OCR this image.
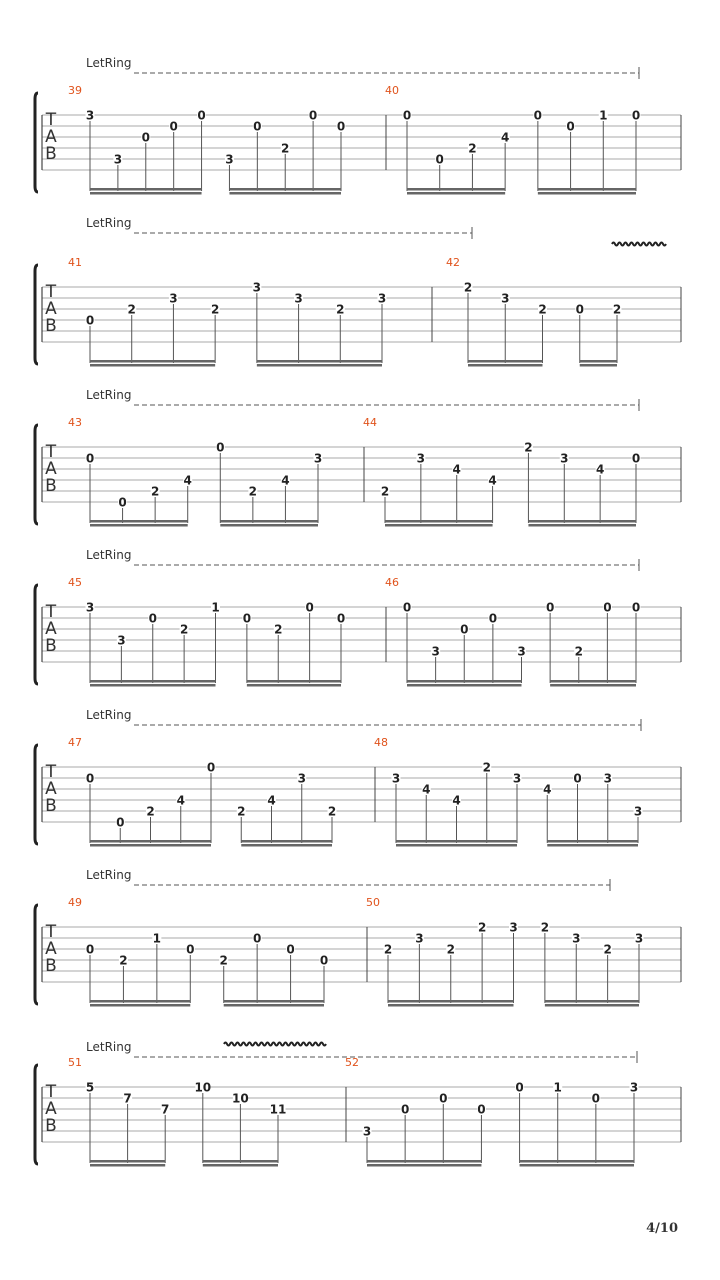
T
A
B
LetRing
39
3
3
0
0
0
3
0
2
0
0
40
0
0
2
4
0
0
1 0
T
A
B
LetRing
41
0
2
3
2
3
3
2
3
42
2
3
2 0 2
T
A
B
LetRing
43
0
0
2
4
0
2
4
3
44
2
3
4
4
2
3
4
0
T
A
B
LetRing
45
3
3
0
2
1
0
2
0
0
46
0
3
0
0
3
0
2
0 0
T
A
B
LetRing
47
0
0
2
4
0
2
4
3
2
48
3
4
4
2
3
4
0 3
3
T
A
B
LetRing
49
0
2
1
0
2
0
0
0
50
2
3
2
2 3 2
3
2
3
T
A
B
LetRing
51
5
7
7
10
10
11
52
3
0
0
0
0 1
0
3
4/10
